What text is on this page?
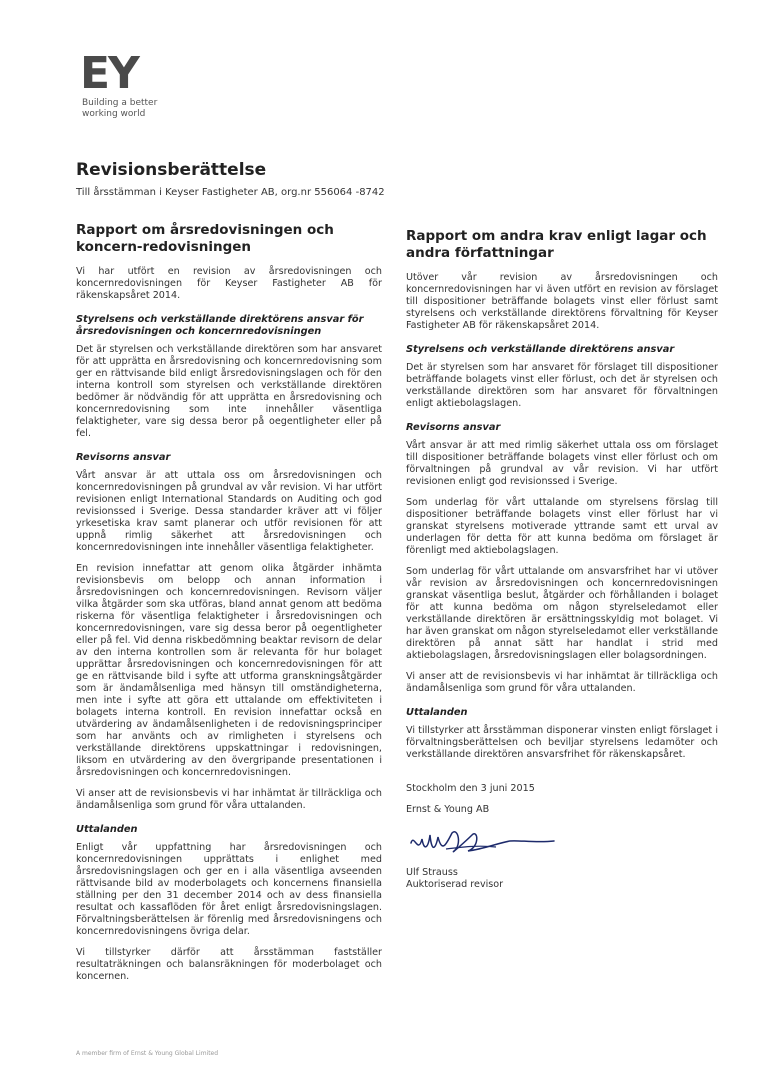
EY
Building a better
working world
Revisionsberättelse
Till årsstämman i Keyser Fastigheter AB, org.nr 556064 -8742
Rapport om årsredovisningen och koncern-redovisningen

Vi har utfört en revision av årsredovisningen och koncernredovisningen för Keyser Fastigheter AB för räkenskapsåret 2014.

Styrelsens och verkställande direktörens ansvar för årsredovisningen och koncernredovisningen

Det är styrelsen och verkställande direktören som har ansvaret för att upprätta en årsredovisning och koncernredovisning som ger en rättvisande bild enligt årsredovisningslagen och för den interna kontroll som styrelsen och verkställande direktören bedömer är nödvändig för att upprätta en årsredovisning och koncernredovisning som inte innehåller väsentliga felaktigheter, vare sig dessa beror på oegentligheter eller på fel.

Revisorns ansvar

Vårt ansvar är att uttala oss om årsredovisningen och koncernredovisningen på grundval av vår revision. Vi har utfört revisionen enligt International Standards on Auditing och god revisionssed i Sverige. Dessa standarder kräver att vi följer yrkesetiska krav samt planerar och utför revisionen för att uppnå rimlig säkerhet att årsredovisningen och koncernredovisningen inte innehåller väsentliga felaktigheter.

En revision innefattar att genom olika åtgärder inhämta revisionsbevis om belopp och annan information i årsredovisningen och koncernredovisningen. Revisorn väljer vilka åtgärder som ska utföras, bland annat genom att bedöma riskerna för väsentliga felaktigheter i årsredovisningen och koncernredovisningen, vare sig dessa beror på oegentligheter eller på fel. Vid denna riskbedömning beaktar revisorn de delar av den interna kontrollen som är relevanta för hur bolaget upprättar årsredovisningen och koncernredovisningen för att ge en rättvisande bild i syfte att utforma granskningsåtgärder som är ändamålsenliga med hänsyn till omständigheterna, men inte i syfte att göra ett uttalande om effektiviteten i bolagets interna kontroll. En revision innefattar också en utvärdering av ändamålsenligheten i de redovisningsprinciper som har använts och av rimligheten i styrelsens och verkställande direktörens uppskattningar i redovisningen, liksom en utvärdering av den övergripande presentationen i årsredovisningen och koncernredovisningen.

Vi anser att de revisionsbevis vi har inhämtat är tillräckliga och ändamålsenliga som grund för våra uttalanden.

Uttalanden

Enligt vår uppfattning har årsredovisningen och koncernredovisningen upprättats i enlighet med årsredovisningslagen och ger en i alla väsentliga avseenden rättvisande bild av moderbolagets och koncernens finansiella ställning per den 31 december 2014 och av dess finansiella resultat och kassaflöden för året enligt årsredovisningslagen. Förvaltningsberättelsen är förenlig med årsredovisningens och koncernredovisningens övriga delar.

Vi tillstyrker därför att årsstämman fastställer resultaträkningen och balansräkningen för moderbolaget och koncernen.

Rapport om andra krav enligt lagar och andra författningar

Utöver vår revision av årsredovisningen och koncernredovisningen har vi även utfört en revision av förslaget till dispositioner beträffande bolagets vinst eller förlust samt styrelsens och verkställande direktörens förvaltning för Keyser Fastigheter AB för räkenskapsåret 2014.

Styrelsens och verkställande direktörens ansvar

Det är styrelsen som har ansvaret för förslaget till dispositioner beträffande bolagets vinst eller förlust, och det är styrelsen och verkställande direktören som har ansvaret för förvaltningen enligt aktiebolagslagen.

Revisorns ansvar

Vårt ansvar är att med rimlig säkerhet uttala oss om förslaget till dispositioner beträffande bolagets vinst eller förlust och om förvaltningen på grundval av vår revision. Vi har utfört revisionen enligt god revisionssed i Sverige.

Som underlag för vårt uttalande om styrelsens förslag till dispositioner beträffande bolagets vinst eller förlust har vi granskat styrelsens motiverade yttrande samt ett urval av underlagen för detta för att kunna bedöma om förslaget är förenligt med aktiebolagslagen.

Som underlag för vårt uttalande om ansvarsfrihet har vi utöver vår revision av årsredovisningen och koncernredovisningen granskat väsentliga beslut, åtgärder och förhållanden i bolaget för att kunna bedöma om någon styrelseledamot eller verkställande direktören är ersättningsskyldig mot bolaget. Vi har även granskat om någon styrelseledamot eller verkställande direktören på annat sätt har handlat i strid med aktiebolagslagen, årsredovisningslagen eller bolagsordningen.

Vi anser att de revisionsbevis vi har inhämtat är tillräckliga och ändamålsenliga som grund för våra uttalanden.

Uttalanden

Vi tillstyrker att årsstämman disponerar vinsten enligt förslaget i förvaltningsberättelsen och beviljar styrelsens ledamöter och verkställande direktören ansvarsfrihet för räkenskapsåret.

Stockholm den 3 juni 2015

Ernst & Young AB

Ulf Strauss

Auktoriserad revisor

A member firm of Ernst & Young Global Limited
